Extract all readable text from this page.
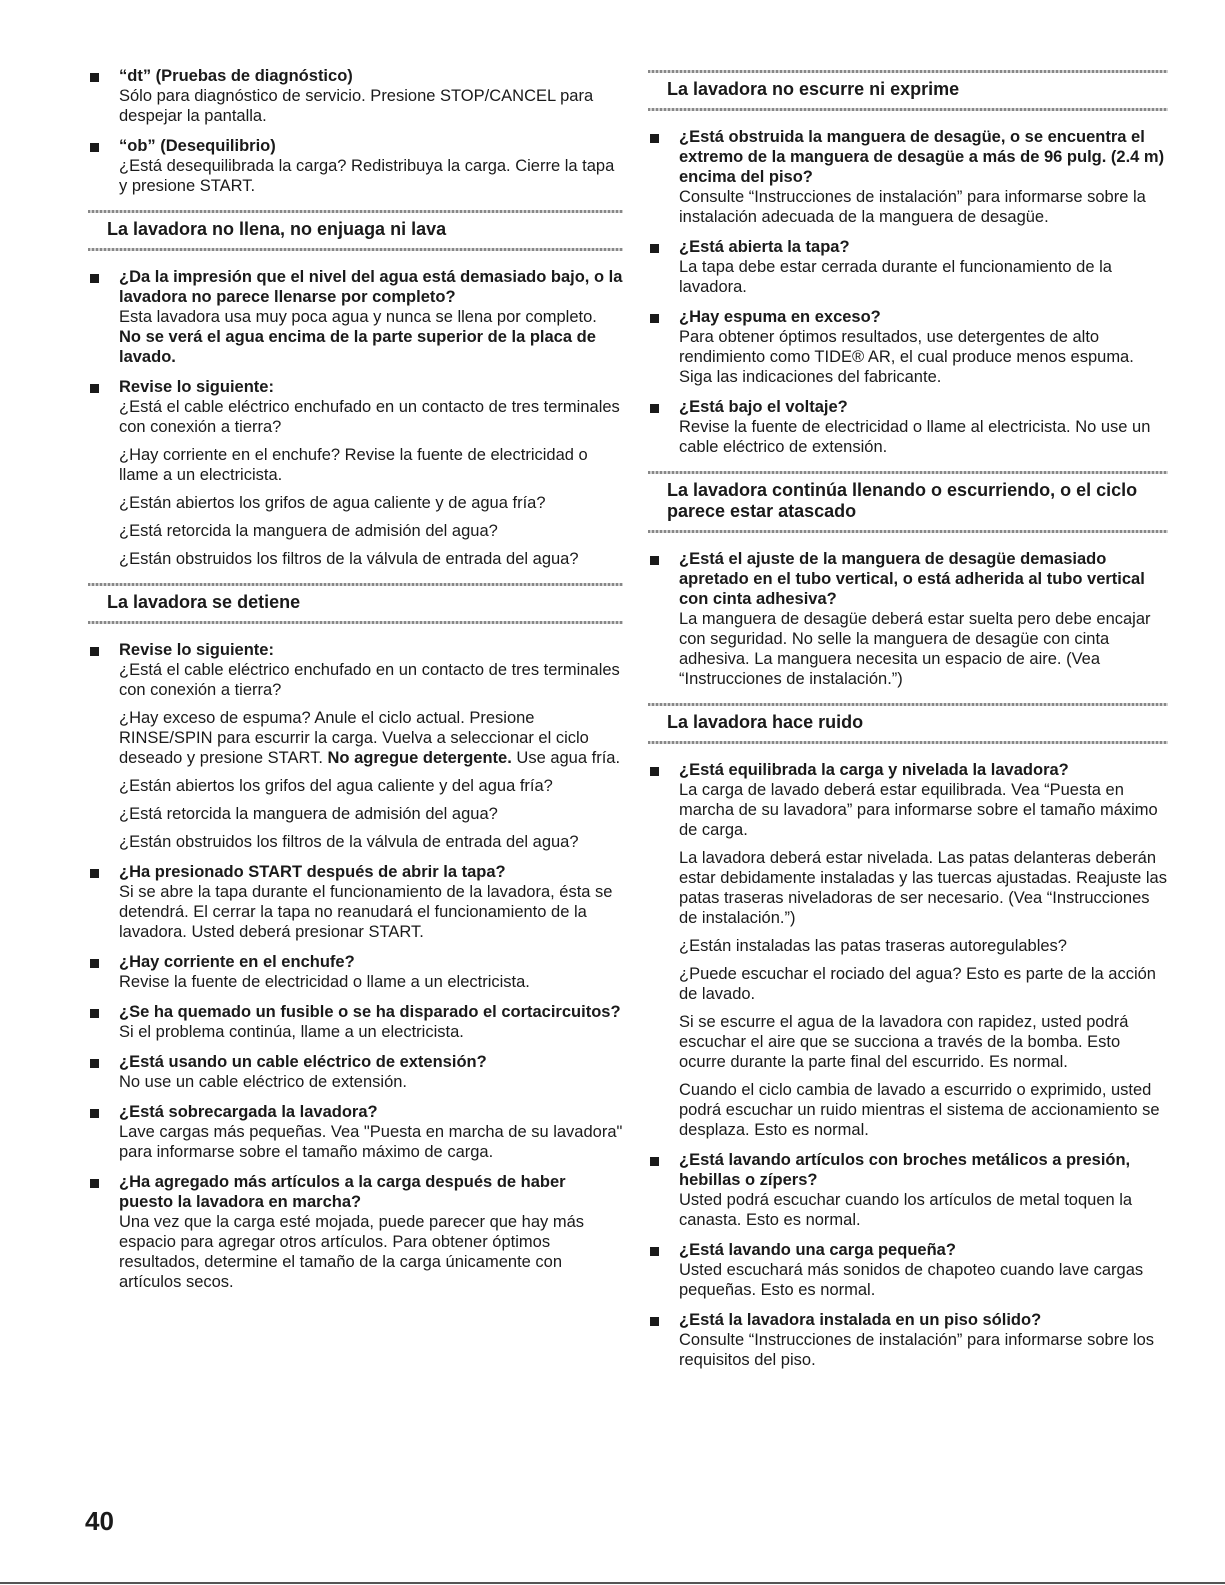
“dt” (Pruebas de diagnóstico)
Sólo para diagnóstico de servicio. Presione STOP/CANCEL para despejar la pantalla.
“ob” (Desequilibrio)
¿Está desequilibrada la carga? Redistribuya la carga. Cierre la tapa y presione START.
La lavadora no llena, no enjuaga ni lava
¿Da la impresión que el nivel del agua está demasiado bajo, o la lavadora no parece llenarse por completo?
Esta lavadora usa muy poca agua y nunca se llena por completo. No se verá el agua encima de la parte superior de la placa de lavado.
Revise lo siguiente:
¿Está el cable eléctrico enchufado en un contacto de tres terminales con conexión a tierra?
¿Hay corriente en el enchufe? Revise la fuente de electricidad o llame a un electricista.
¿Están abiertos los grifos de agua caliente y de agua fría?
¿Está retorcida la manguera de admisión del agua?
¿Están obstruidos los filtros de la válvula de entrada del agua?
La lavadora se detiene
Revise lo siguiente:
¿Está el cable eléctrico enchufado en un contacto de tres terminales con conexión a tierra?
¿Hay exceso de espuma? Anule el ciclo actual. Presione RINSE/SPIN para escurrir la carga. Vuelva a seleccionar el ciclo deseado y presione START. No agregue detergente. Use agua fría.
¿Están abiertos los grifos del agua caliente y del agua fría?
¿Está retorcida la manguera de admisión del agua?
¿Están obstruidos los filtros de la válvula de entrada del agua?
¿Ha presionado START después de abrir la tapa?
Si se abre la tapa durante el funcionamiento de la lavadora, ésta se detendrá. El cerrar la tapa no reanudará el funcionamiento de la lavadora. Usted deberá presionar START.
¿Hay corriente en el enchufe?
Revise la fuente de electricidad o llame a un electricista.
¿Se ha quemado un fusible o se ha disparado el cortacircuitos?
Si el problema continúa, llame a un electricista.
¿Está usando un cable eléctrico de extensión?
No use un cable eléctrico de extensión.
¿Está sobrecargada la lavadora?
Lave cargas más pequeñas. Vea "Puesta en marcha de su lavadora" para informarse sobre el tamaño máximo de carga.
¿Ha agregado más artículos a la carga después de haber puesto la lavadora en marcha?
Una vez que la carga esté mojada, puede parecer que hay más espacio para agregar otros artículos. Para obtener óptimos resultados, determine el tamaño de la carga únicamente con artículos secos.
La lavadora no escurre ni exprime
¿Está obstruida la manguera de desagüe, o se encuentra el extremo de la manguera de desagüe a más de 96 pulg. (2.4 m) encima del piso?
Consulte “Instrucciones de instalación” para informarse sobre la instalación adecuada de la manguera de desagüe.
¿Está abierta la tapa?
La tapa debe estar cerrada durante el funcionamiento de la lavadora.
¿Hay espuma en exceso?
Para obtener óptimos resultados, use detergentes de alto rendimiento como TIDE® AR, el cual produce menos espuma. Siga las indicaciones del fabricante.
¿Está bajo el voltaje?
Revise la fuente de electricidad o llame al electricista. No use un cable eléctrico de extensión.
La lavadora continúa llenando o escurriendo, o el ciclo parece estar atascado
¿Está el ajuste de la manguera de desagüe demasiado apretado en el tubo vertical, o está adherida al tubo vertical con cinta adhesiva?
La manguera de desagüe deberá estar suelta pero debe encajar con seguridad. No selle la manguera de desagüe con cinta adhesiva. La manguera necesita un espacio de aire. (Vea “Instrucciones de instalación.”)
La lavadora hace ruido
¿Está equilibrada la carga y nivelada la lavadora?
La carga de lavado deberá estar equilibrada. Vea “Puesta en marcha de su lavadora” para informarse sobre el tamaño máximo de carga.
La lavadora deberá estar nivelada. Las patas delanteras deberán estar debidamente instaladas y las tuercas ajustadas. Reajuste las patas traseras niveladoras de ser necesario. (Vea “Instrucciones de instalación.”)
¿Están instaladas las patas traseras autoregulables?
¿Puede escuchar el rociado del agua? Esto es parte de la acción de lavado.
Si se escurre el agua de la lavadora con rapidez, usted podrá escuchar el aire que se succiona a través de la bomba. Esto ocurre durante la parte final del escurrido. Es normal.
Cuando el ciclo cambia de lavado a escurrido o exprimido, usted podrá escuchar un ruido mientras el sistema de accionamiento se desplaza. Esto es normal.
¿Está lavando artículos con broches metálicos a presión, hebillas o zípers?
Usted podrá escuchar cuando los artículos de metal toquen la canasta. Esto es normal.
¿Está lavando una carga pequeña?
Usted escuchará más sonidos de chapoteo cuando lave cargas pequeñas. Esto es normal.
¿Está la lavadora instalada en un piso sólido?
Consulte “Instrucciones de instalación” para informarse sobre los requisitos del piso.
40
